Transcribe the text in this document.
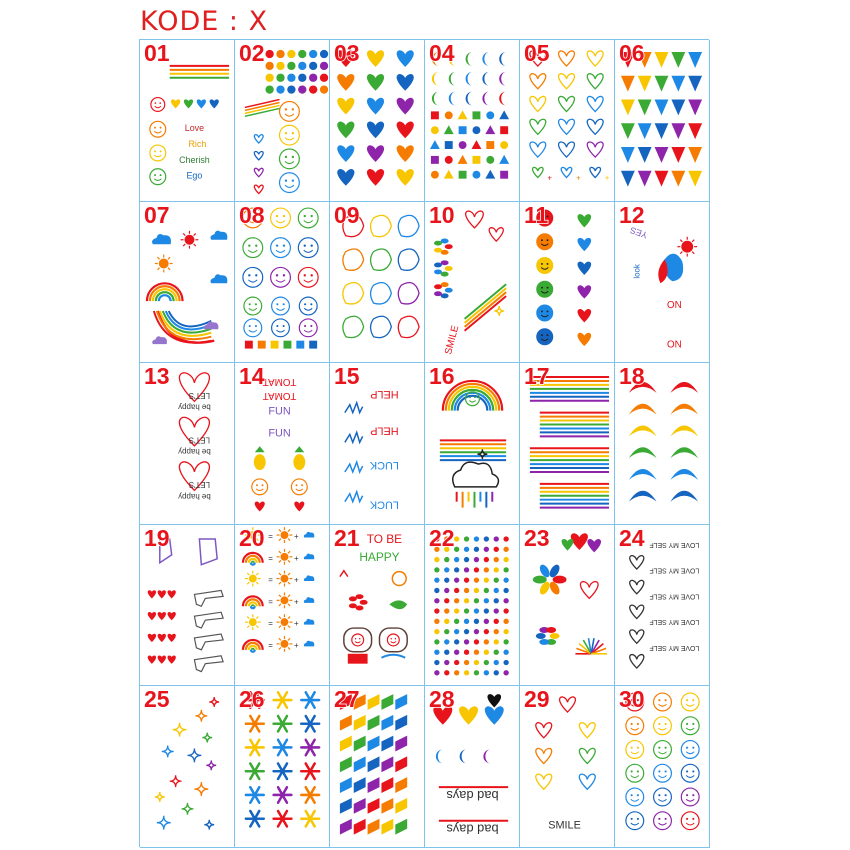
KODE : X
01
Love
Rich
Cherish
Ego
02	03	04	05
+	+	+
06
07	08	09	10
SMILE
11	12
YES
look
NO
NO
13
LET'S
be happy
LET'S
be happy
LET'S
be happy
14
TOMAT
TOMAT
FUN
FUN
15
HELP
HELP
LUCK
LUCK
16	17	18
19	20 =	+
=	+
=	+
=	+
=	+
=	+
21 TO BE
HAPPY
22	23	24 LOVE MY SELF
LOVE MY SELF
LOVE MY SELF
LOVE MY SELF
LOVE MY SELF
25	26	27	28
bad days
bad days
29
SMILE
30
